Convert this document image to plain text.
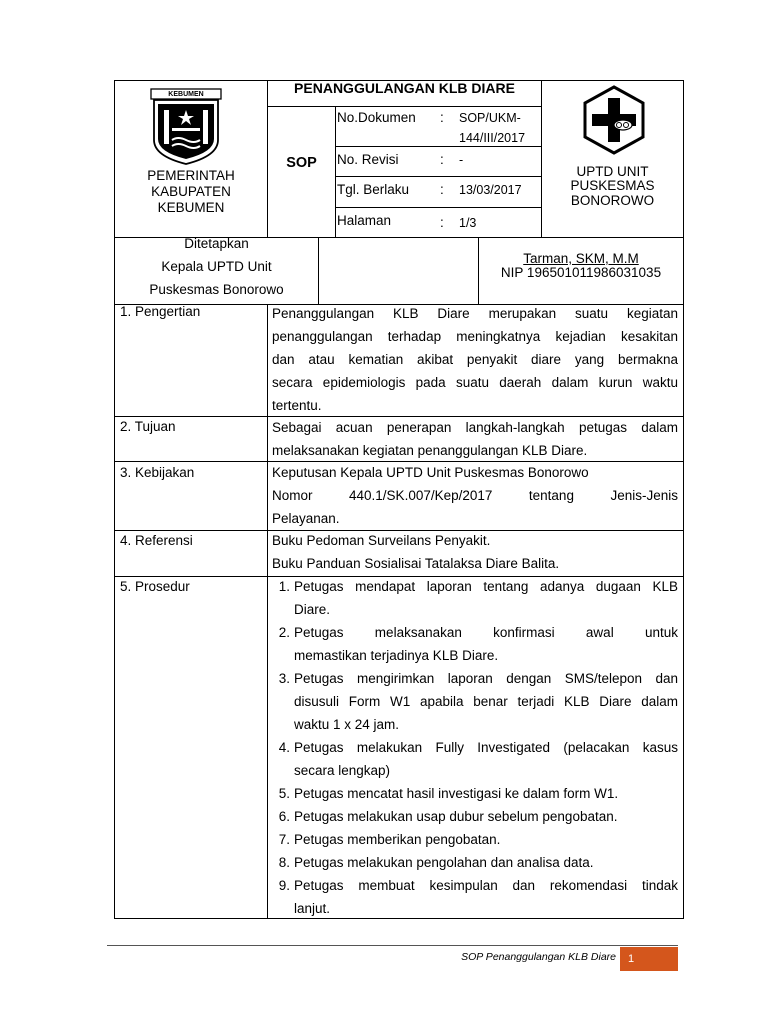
KEBUMEN
PEMERINTAH
KABUPATEN
KEBUMEN
PENANGGULANGAN KLB DIARE
SOP
No.Dokumen : SOP/UKM-
144/III/2017
No. Revisi	: -
Tgl. Berlaku : 13/03/2017
Halaman	: 1/3
UPTD UNIT
PUSKESMAS
BONOROWO
Ditetapkan
Kepala UPTD Unit
Puskesmas Bonorowo
Tarman, SKM, M.M
NIP 196501011986031035
1. Pengertian
2. Tujuan
3. Kebijakan
4. Referensi
5. Prosedur
Penanggulangan KLB Diare merupakan suatu kegiatan
penanggulangan terhadap meningkatnya kejadian kesakitan
dan atau kematian akibat penyakit diare yang bermakna
secara epidemiologis pada suatu daerah dalam kurun waktu
tertentu.
Sebagai acuan penerapan langkah-langkah petugas dalam
melaksanakan kegiatan penanggulangan KLB Diare.
Keputusan Kepala UPTD Unit Puskesmas Bonorowo
Nomor 440.1/SK.007/Kep/2017 tentang Jenis-Jenis
Pelayanan.
Buku Pedoman Surveilans Penyakit.
Buku Panduan Sosialisai Tatalaksa Diare Balita.
1. Petugas mendapat laporan tentang adanya dugaan KLB
Diare.
2. Petugas melaksanakan konfirmasi awal untuk
memastikan terjadinya KLB Diare.
3. Petugas mengirimkan laporan dengan SMS/telepon dan
disusuli Form W1 apabila benar terjadi KLB Diare dalam
waktu 1 x 24 jam.
4. Petugas melakukan Fully Investigated (pelacakan kasus
secara lengkap)
5. Petugas mencatat hasil investigasi ke dalam form W1.
6. Petugas melakukan usap dubur sebelum pengobatan.
7. Petugas memberikan pengobatan.
8. Petugas melakukan pengolahan dan analisa data.
9. Petugas membuat kesimpulan dan rekomendasi tindak
lanjut.
SOP Penanggulangan KLB Diare 1
